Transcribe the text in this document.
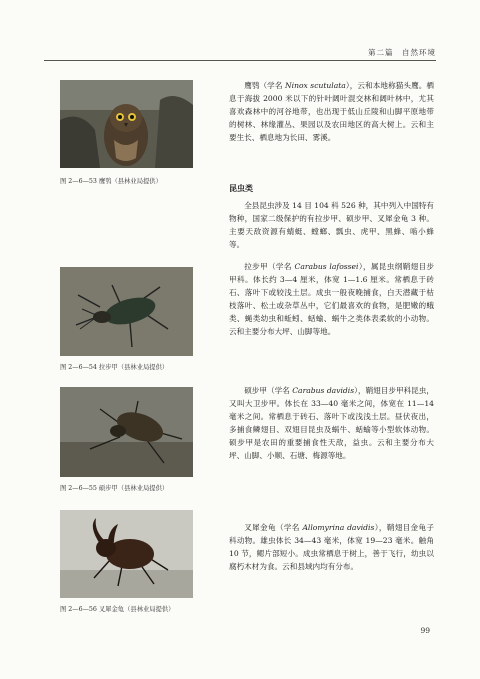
第二篇　自然环境
图 2—6—53 鹰鸮（县林业局提供）
图 2—6—54 拉步甲（县林业局提供）
图 2—6—55 硕步甲（县林业局提供）
图 2—6—56 叉犀金龟（县林业局提供）

鹰鸮（学名 Ninox scutulata），云和本地称猫头鹰。栖息于海拔 2000 米以下的针叶阔叶混交林和阔叶林中，尤其喜欢森林中的河谷地带，也出现于低山丘陵和山脚平原地带的树林、林缘灌丛、果园以及农田地区的高大树上。云和主要生长、栖息地为长田、雾溪。

昆虫类

全县昆虫涉及 14 目 104 科 526 种，其中列入中国特有物种，国家二级保护的有拉步甲、硕步甲、叉犀金龟 3 种。主要天敌资源有蜻蜓、螳螂、瓢虫、虎甲、黑蜂、啮小蜂等。

拉步甲（学名 Carabus lafossei），属昆虫纲鞘翅目步甲科。体长约 3—4 厘米，体宽 1—1.6 厘米。常栖息于砖石、落叶下或较浅土层。成虫一般夜晚捕食，白天潜藏于枯枝落叶、松土或杂草丛中，它们最喜欢的食物，是肥嫩的蛾类、蝇类幼虫和蚯蚓、蛞蝓、蜗牛之类体表柔软的小动物。云和主要分布大坪、山脚等地。

硕步甲（学名 Carabus davidis），鞘翅目步甲科昆虫，又叫大卫步甲。体长在 33—40 毫米之间，体宽在 11—14 毫米之间。常栖息于砖石、落叶下或浅浅土层。昼伏夜出，多捕食鳞翅目、双翅目昆虫及蜗牛、蛞蝓等小型软体动物。硕步甲是农田的重要捕食性天敌，益虫。云和主要分布大坪、山脚、小顺、石塘、梅源等地。

叉犀金龟（学名 Allomyrina davidis），鞘翅目金龟子科动物。雄虫体长 34—43 毫米，体宽 19—23 毫米。触角 10 节，鳃片部短小。成虫常栖息于树上，善于飞行，幼虫以腐朽木材为食。云和县域内均有分布。

99
